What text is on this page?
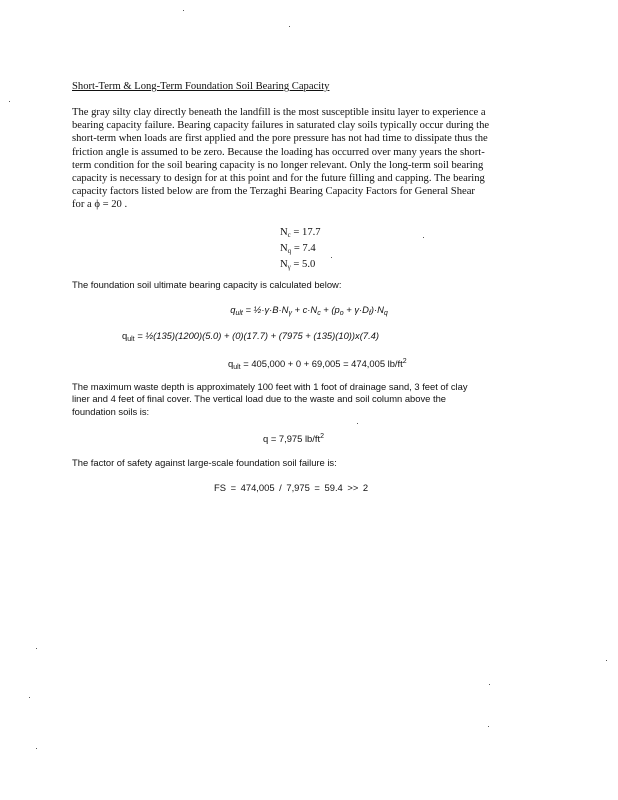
Short-Term & Long-Term Foundation Soil Bearing Capacity
The gray silty clay directly beneath the landfill is the most susceptible insitu layer to experience a
bearing capacity failure. Bearing capacity failures in saturated clay soils typically occur during the
short-term when loads are first applied and the pore pressure has not had time to dissipate thus the
friction angle is assumed to be zero. Because the loading has occurred over many years the short-
term condition for the soil bearing capacity is no longer relevant. Only the long-term soil bearing
capacity is necessary to design for at this point and for the future filling and capping. The bearing
capacity factors listed below are from the Terzaghi Bearing Capacity Factors for General Shear
for a ϕ = 20 .
$N_c = 17.7$
$N_q = 7.4$
$N_\gamma = 5.0$
The foundation soil ultimate bearing capacity is calculated below:
$q_{ult}$ = $\frac{1}{2}\cdot\gamma\cdot B\cdot N_\gamma + c\cdot N_c + (p_o + \gamma\cdot D_f)\cdot N_q$
$q_{ult}$ = ½(135)(1200)(5.0) + (0)(17.7) + (7975 + (135)(10))x(7.4)
$q_{ult} = 405,000 + 0 + 69,005 = 474,005$ $lb/ft^2$
The maximum waste depth is approximately 100 feet with 1 foot of drainage sand, 3 feet of clay
liner and 4 feet of final cover. The vertical load due to the waste and soil column above the
foundation soils is:
q = 7,975 $lb/ft^2$
The factor of safety against large-scale foundation soil failure is:
FS = 474,005 / 7,975 = 59.4 >> 2
